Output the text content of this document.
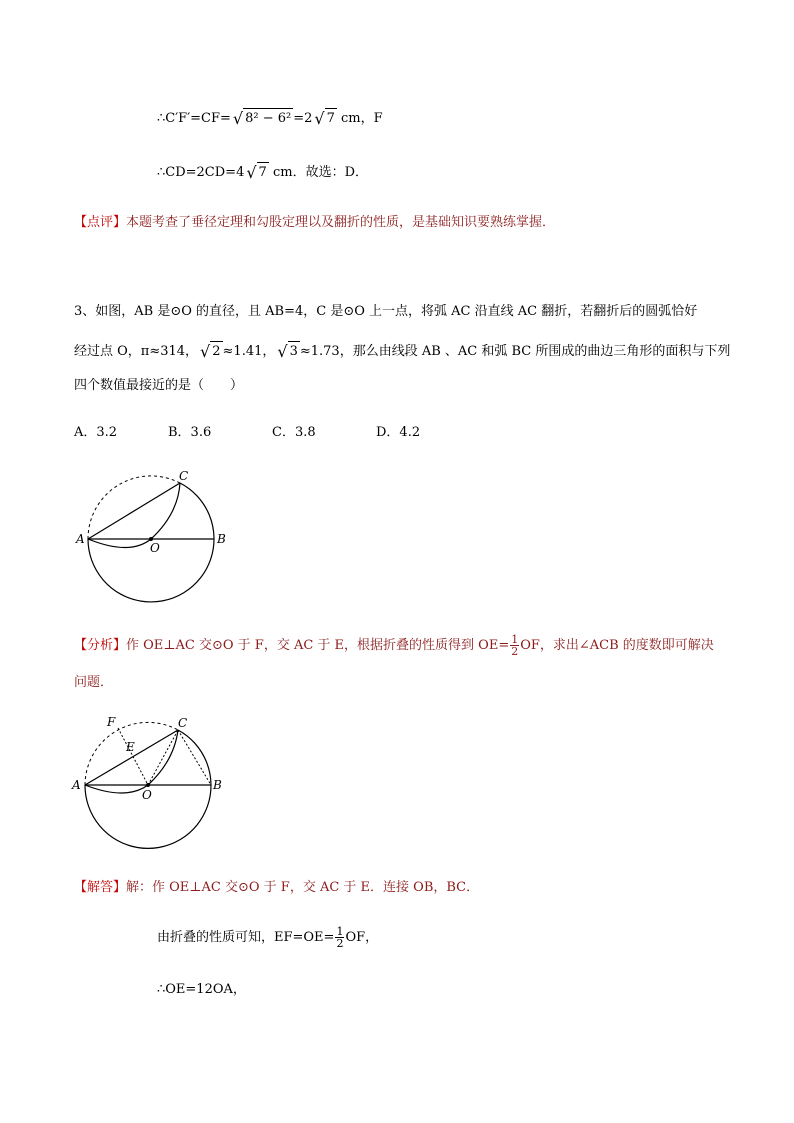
∴C′F′=CF= √ 8² − 6² =2 √ 7 cm，F
∴CD=2CD=4 √ 7 cm．故选：D．
【点评】本题考查了垂径定理和勾股定理以及翻折的性质，是基础知识要熟练掌握．
3、如图，AB 是⊙O 的直径，且 AB=4，C 是⊙O 上一点，将弧 AC 沿直线 AC 翻折，若翻折后的圆弧恰好
经过点 O，π≈314， √ 2 ≈1.41， √ 3 ≈1.73，那么由线段 AB 、AC 和弧 BC 所围成的曲边三角形的面积与下列
四个数值最接近的是（　　）
A．3.2	B．3.6	C．3.8	D．4.2
A	B
C
O
【分析】作 OE⊥AC 交⊙O 于 F，交 AC 于 E，根据折叠的性质得到 $OE= \frac{1}{2}$ OF，求出∠ACB 的度数即可解决
问题．
A	B
C
O
E
F
【解答】解：作 OE⊥AC 交⊙O 于 F，交 AC 于 E．连接 OB，BC．
由折叠的性质可知，$EF=OE= \frac{1}{2}$ OF，
∴OE=12OA，
